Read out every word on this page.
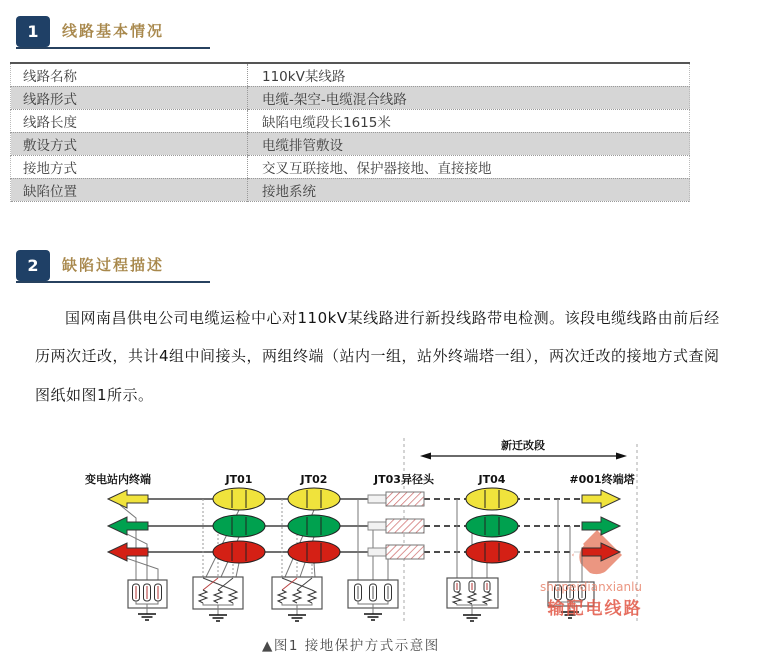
1	线路基本情况
线路名称	110kV某线路
线路形式	电缆-架空-电缆混合线路
线路长度	缺陷电缆段长1615米
敷设方式	电缆排管敷设
接地方式	交叉互联接地、保护器接地、直接接地
缺陷位置	接地系统
2	缺陷过程描述

国网南昌供电公司电缆运检中心对110kV某线路进行新投线路带电检测。该段电缆线路由前后经历两次迁改，共计4组中间接头，两组终端（站内一组，站外终端塔一组），两次迁改的接地方式查阅图纸如图1所示。

新迁改段
变电站内终端	JT01	JT02	JT03异径头	JT04	#001终端塔
shupeidianxianlu
输配电线路
▲图1 接地保护方式示意图
